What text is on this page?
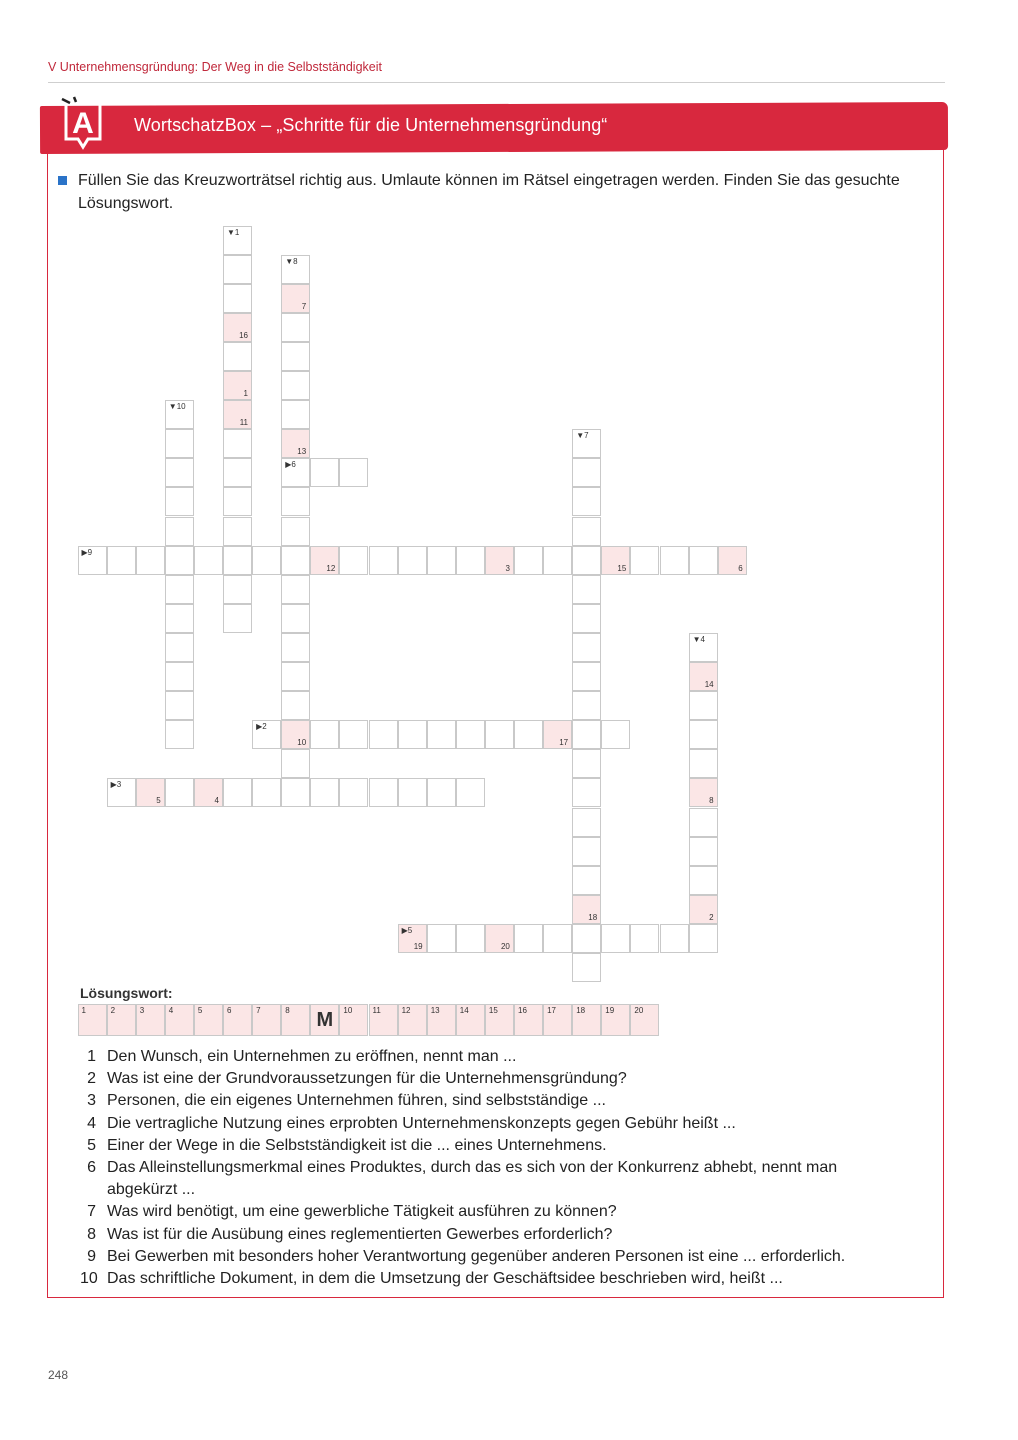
V Unternehmensgründung: Der Weg in die Selbstständigkeit
A WortschatzBox – „Schritte für die Unternehmensgründung“
Füllen Sie das Kreuzworträtsel richtig aus. Umlaute können im Rätsel eingetragen werden. Finden Sie das gesuchte Lösungswort.
▼1
16
1
11
▶2
10	17
▶3
5	4
▼4
14
8
2
19
▶5
20
▶6
▼7
18
▼8
7
13
▶9
12	3	15	6
▼10
Lösungswort:
1	2	3	4	5	6	7	8 M	10	11	12	13	14	15	16	17	18	19	20
1 Den Wunsch, ein Unternehmen zu eröffnen, nennt man ...
2 Was ist eine der Grundvoraussetzungen für die Unternehmensgründung?
3 Personen, die ein eigenes Unternehmen führen, sind selbstständige ...
4 Die vertragliche Nutzung eines erprobten Unternehmenskonzepts gegen Gebühr heißt ...
5 Einer der Wege in die Selbstständigkeit ist die ... eines Unternehmens.
6 Das Alleinstellungsmerkmal eines Produktes, durch das es sich von der Konkurrenz abhebt, nennt man abgekürzt ...
7 Was wird benötigt, um eine gewerbliche Tätigkeit ausführen zu können?
8 Was ist für die Ausübung eines reglementierten Gewerbes erforderlich?
9 Bei Gewerben mit besonders hoher Verantwortung gegenüber anderen Personen ist eine ... erforderlich.
10 Das schriftliche Dokument, in dem die Umsetzung der Geschäftsidee beschrieben wird, heißt ...
248
